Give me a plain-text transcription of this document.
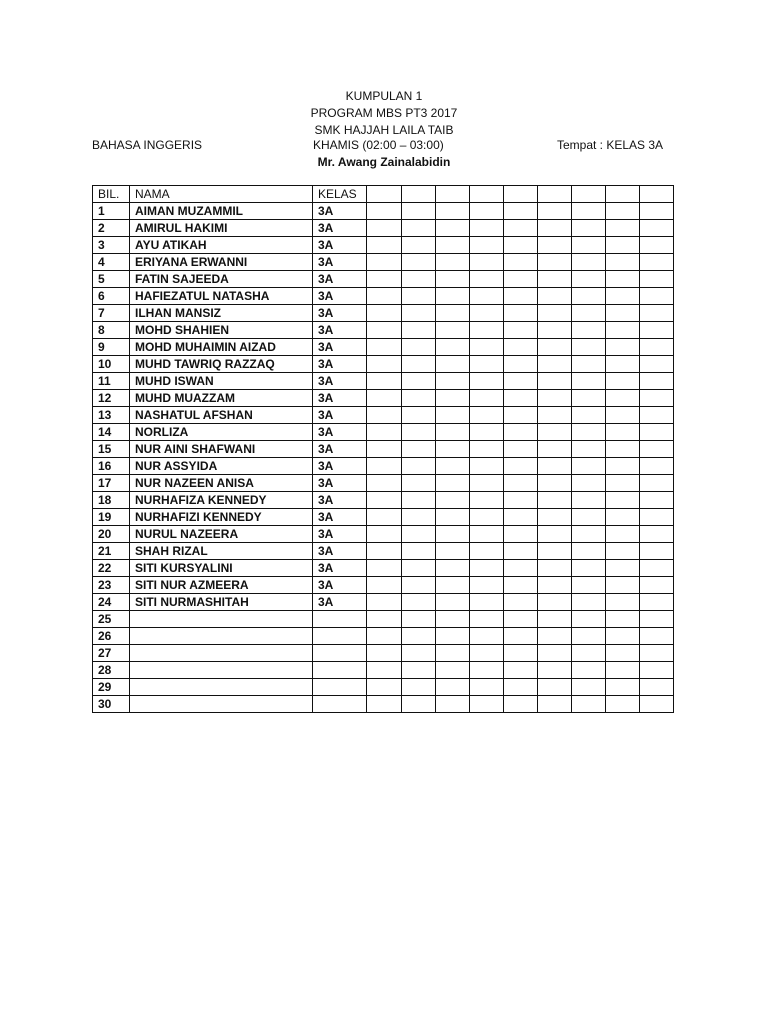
KUMPULAN 1
PROGRAM MBS PT3 2017
SMK HAJJAH LAILA TAIB
BAHASA INGGERIS	KHAMIS (02:00 – 03:00)	Tempat : KELAS 3A
Mr. Awang Zainalabidin
BIL.	NAMA	KELAS									
1	AIMAN MUZAMMIL	3A									
2	AMIRUL HAKIMI	3A									
3	AYU ATIKAH	3A									
4	ERIYANA ERWANNI	3A									
5	FATIN SAJEEDA	3A									
6	HAFIEZATUL NATASHA	3A									
7	ILHAN MANSIZ	3A									
8	MOHD SHAHIEN	3A									
9	MOHD MUHAIMIN AIZAD	3A									
10	MUHD TAWRIQ RAZZAQ	3A									
11	MUHD ISWAN	3A									
12	MUHD MUAZZAM	3A									
13	NASHATUL AFSHAN	3A									
14	NORLIZA	3A									
15	NUR AINI SHAFWANI	3A									
16	NUR ASSYIDA	3A									
17	NUR NAZEEN ANISA	3A									
18	NURHAFIZA KENNEDY	3A									
19	NURHAFIZI KENNEDY	3A									
20	NURUL NAZEERA	3A									
21	SHAH RIZAL	3A									
22	SITI KURSYALINI	3A									
23	SITI NUR AZMEERA	3A									
24	SITI NURMASHITAH	3A									
25											
26											
27											
28											
29											
30											
